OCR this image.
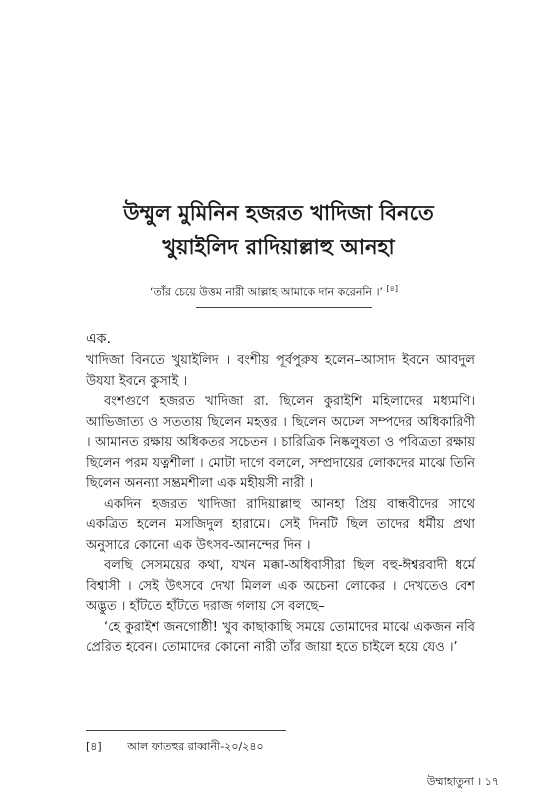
উম্মুল মুমিনিন হজরত খাদিজা বিনতে
খুয়াইলিদ রাদিয়াল্লাহু আনহা
‘তাঁর চেয়ে উত্তম নারী আল্লাহ আমাকে দান করেননি ।’ [৪]
এক.

খাদিজা বিনতে খুয়াইলিদ । বংশীয় পূর্বপুরুষ হলেন–আসাদ ইবনে আবদুল উযযা ইবনে কুসাই ।

বংশগুণে হজরত খাদিজা রা. ছিলেন কুরাইশি মহিলাদের মধ্যমণি। আভিজাত্য ও সততায় ছিলেন মহত্তর । ছিলেন অঢেল সম্পদের অধিকারিণী । আমানত রক্ষায় অধিকতর সচেতন । চারিত্রিক নিষ্কলুষতা ও পবিত্রতা রক্ষায় ছিলেন পরম যত্নশীলা । মোটা দাগে বললে, সম্প্রদায়ের লোকদের মাঝে তিনি ছিলেন অনন্যা সম্ভ্রমশীলা এক মহীয়সী নারী ।

একদিন হজরত খাদিজা রাদিয়াল্লাহু আনহা প্রিয় বান্ধবীদের সাথে একত্রিত হলেন মসজিদুল হারামে। সেই দিনটি ছিল তাদের ধর্মীয় প্রথা অনুসারে কোনো এক উৎসব-আনন্দের দিন ।

বলছি সেসময়ের কথা, যখন মক্কা-অধিবাসীরা ছিল বহু-ঈশ্বরবাদী ধর্মে বিশ্বাসী । সেই উৎসবে দেখা মিলল এক অচেনা লোকের । দেখতেও বেশ অদ্ভুত । হাঁটতে হাঁটতে দরাজ গলায় সে বলছে–

‘হে কুরাইশ জনগোষ্ঠী! খুব কাছাকাছি সময়ে তোমাদের মাঝে একজন নবি প্রেরিত হবেন। তোমাদের কোনো নারী তাঁর জায়া হতে চাইলে হয়ে যেও ।’

[৪] আল ফাতহুর রাব্বানী-২০/২৪০
উম্মাহাতুনা । ১৭
